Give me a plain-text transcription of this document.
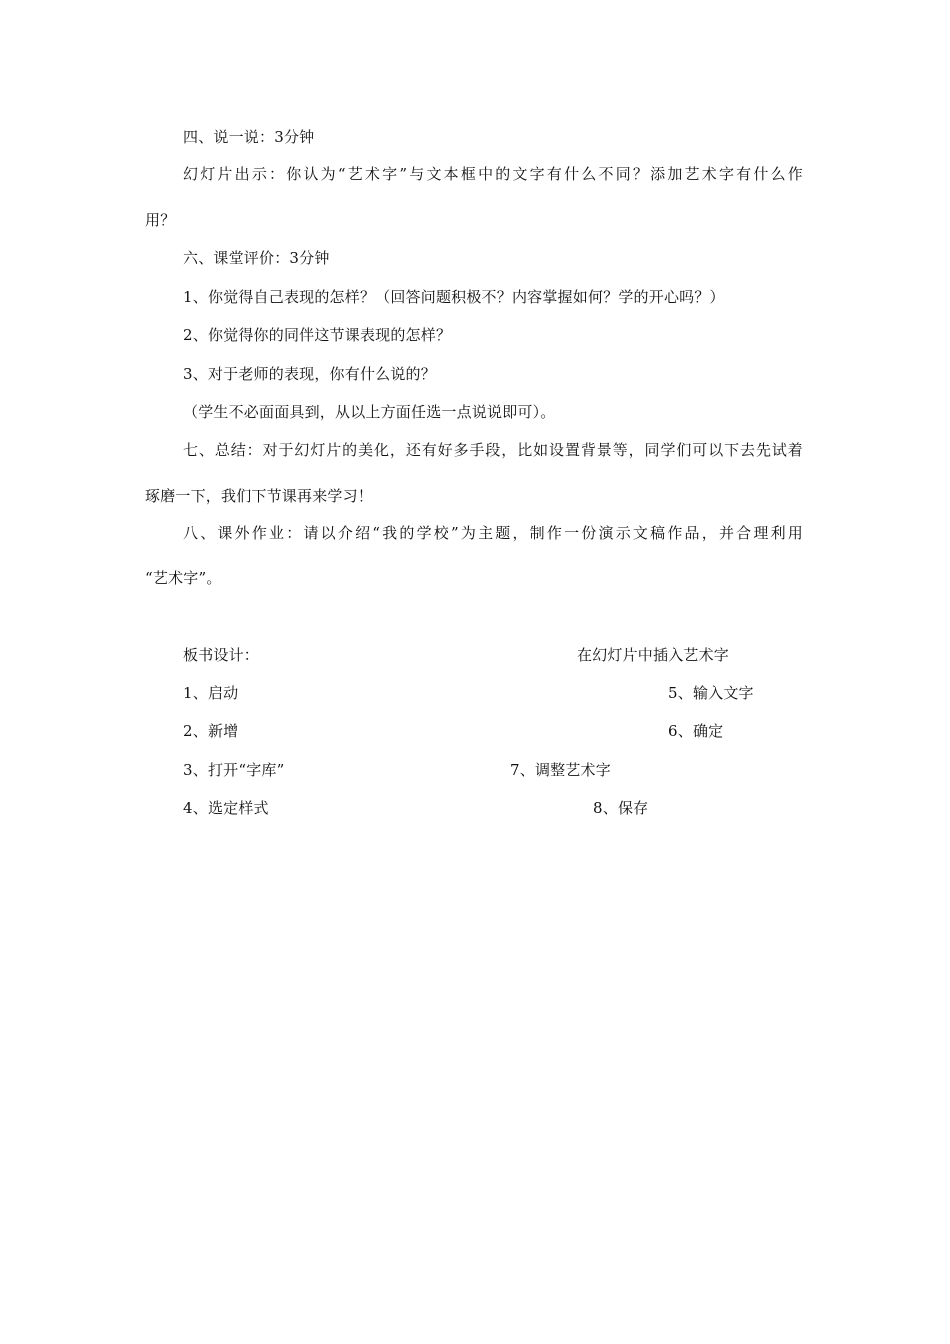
四、说一说：3分钟
幻灯片出示：你认为“艺术字”与文本框中的文字有什么不同？添加艺术字有什么作
用？
六、课堂评价：3分钟
1、你觉得自己表现的怎样？（回答问题积极不？内容掌握如何？学的开心吗？）
2、你觉得你的同伴这节课表现的怎样？
3、对于老师的表现，你有什么说的？
（学生不必面面具到，从以上方面任选一点说说即可）。
七、总结：对于幻灯片的美化，还有好多手段，比如设置背景等，同学们可以下去先试着
琢磨一下，我们下节课再来学习！
八、课外作业：请以介绍“我的学校”为主题，制作一份演示文稿作品，并合理利用
“艺术字”。
板书设计：	在幻灯片中插入艺术字
1、启动
2、新增
3、打开“字库”
4、选定样式
5、输入文字
6、确定
7、调整艺术字
8、保存
